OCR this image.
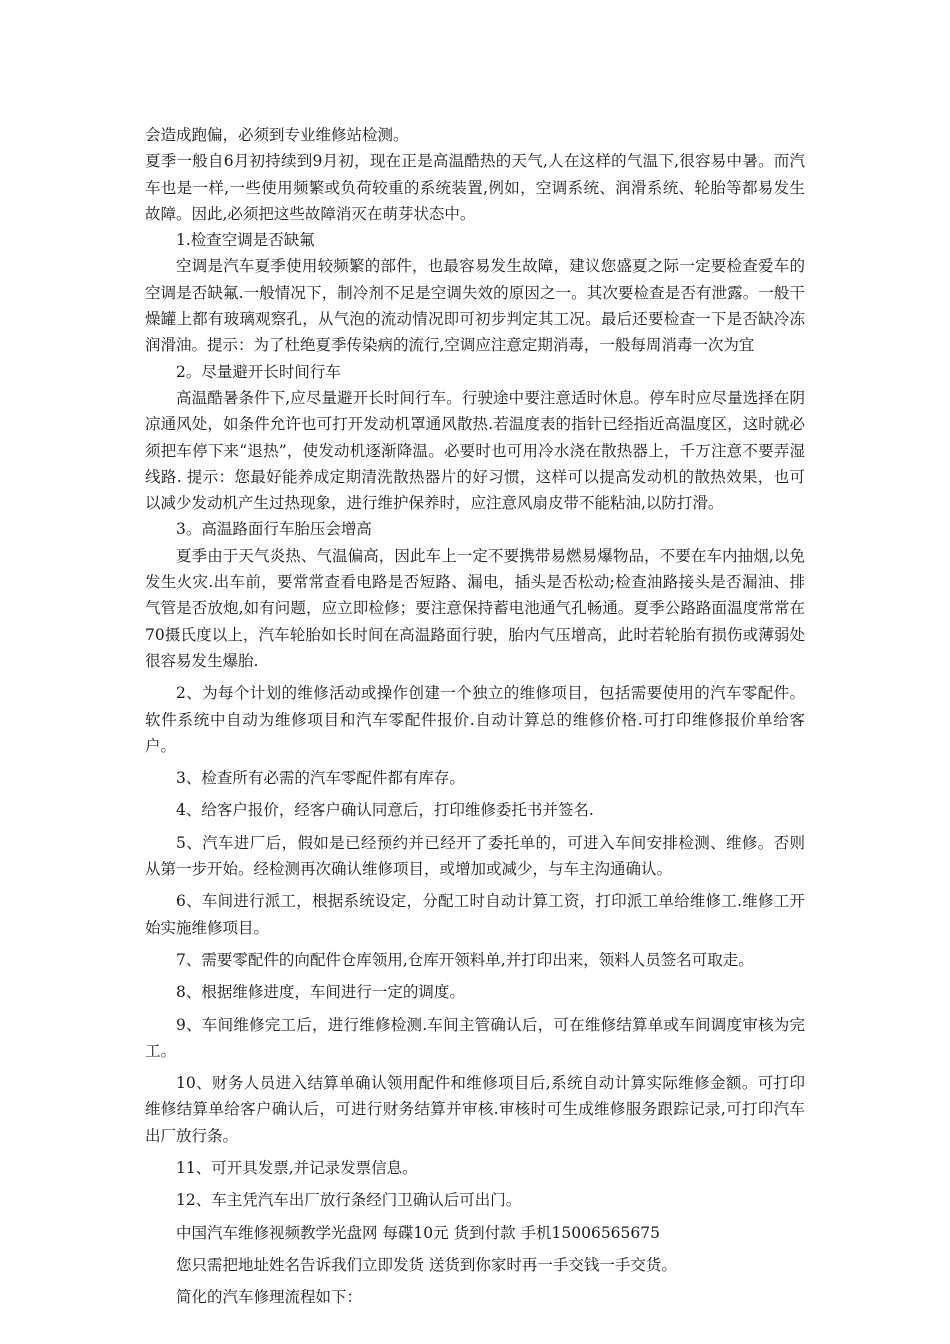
会造成跑偏，必须到专业维修站检测。

夏季一般自6月初持续到9月初，现在正是高温酷热的天气,人在这样的气温下,很容易中暑。而汽车也是一样,一些使用频繁或负荷较重的系统装置,例如，空调系统、润滑系统、轮胎等都易发生故障。因此,必须把这些故障消灭在萌芽状态中。

1.检查空调是否缺氟

空调是汽车夏季使用较频繁的部件，也最容易发生故障，建议您盛夏之际一定要检查爱车的空调是否缺氟.一般情况下，制冷剂不足是空调失效的原因之一。其次要检查是否有泄露。一般干燥罐上都有玻璃观察孔，从气泡的流动情况即可初步判定其工况。最后还要检查一下是否缺冷冻润滑油。提示：为了杜绝夏季传染病的流行,空调应注意定期消毒，一般每周消毒一次为宜

2。尽量避开长时间行车

高温酷暑条件下,应尽量避开长时间行车。行驶途中要注意适时休息。停车时应尽量选择在阴凉通风处，如条件允许也可打开发动机罩通风散热.若温度表的指针已经指近高温度区，这时就必须把车停下来“退热”，使发动机逐渐降温。必要时也可用冷水浇在散热器上，千万注意不要弄湿线路. 提示：您最好能养成定期清洗散热器片的好习惯，这样可以提高发动机的散热效果，也可以减少发动机产生过热现象，进行维护保养时，应注意风扇皮带不能粘油,以防打滑。

3。高温路面行车胎压会增高

夏季由于天气炎热、气温偏高，因此车上一定不要携带易燃易爆物品，不要在车内抽烟,以免发生火灾.出车前，要常常查看电路是否短路、漏电，插头是否松动;检查油路接头是否漏油、排气管是否放炮,如有问题，应立即检修；要注意保持蓄电池通气孔畅通。夏季公路路面温度常常在70摄氏度以上，汽车轮胎如长时间在高温路面行驶，胎内气压增高，此时若轮胎有损伤或薄弱处很容易发生爆胎.

2、为每个计划的维修活动或操作创建一个独立的维修项目，包括需要使用的汽车零配件。软件系统中自动为维修项目和汽车零配件报价.自动计算总的维修价格.可打印维修报价单给客户。

3、检查所有必需的汽车零配件都有库存。

4、给客户报价，经客户确认同意后，打印维修委托书并签名.

5、汽车进厂后，假如是已经预约并已经开了委托单的，可进入车间安排检测、维修。否则从第一步开始。经检测再次确认维修项目，或增加或减少，与车主沟通确认。

6、车间进行派工，根据系统设定，分配工时自动计算工资，打印派工单给维修工.维修工开始实施维修项目。

7、需要零配件的向配件仓库领用,仓库开领料单,并打印出来，领料人员签名可取走。

8、根据维修进度，车间进行一定的调度。

9、车间维修完工后，进行维修检测.车间主管确认后，可在维修结算单或车间调度审核为完工。

10、财务人员进入结算单确认领用配件和维修项目后,系统自动计算实际维修金额。可打印维修结算单给客户确认后，可进行财务结算并审核.审核时可生成维修服务跟踪记录,可打印汽车出厂放行条。

11、可开具发票,并记录发票信息。

12、车主凭汽车出厂放行条经门卫确认后可出门。

中国汽车维修视频教学光盘网 每碟10元 货到付款 手机15006565675

您只需把地址姓名告诉我们立即发货 送货到你家时再一手交钱一手交货。

简化的汽车修理流程如下：
